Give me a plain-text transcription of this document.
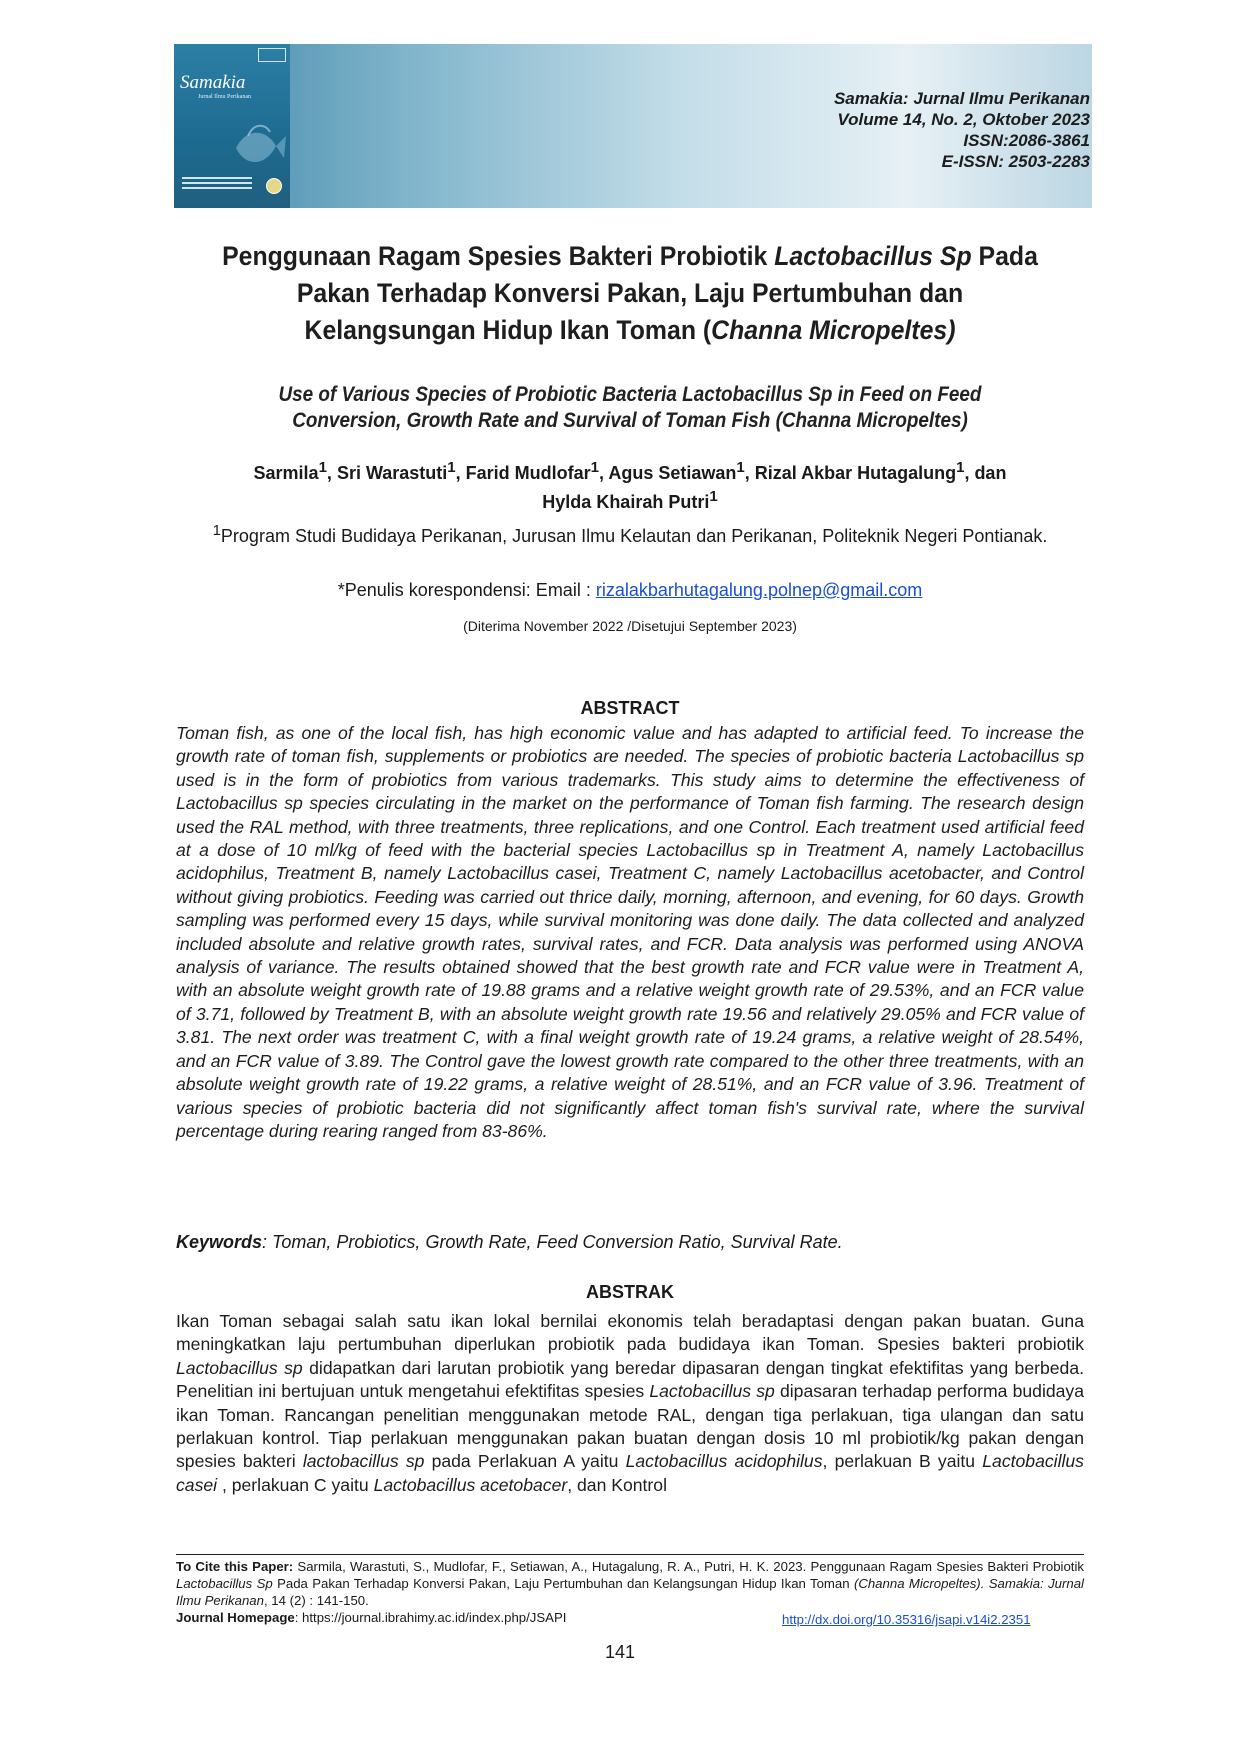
Samakia
Jurnal Ilmu Perikanan	Samakia: Jurnal Ilmu Perikanan
Volume 14, No. 2, Oktober 2023
ISSN:2086-3861
E-ISSN: 2503-2283
Penggunaan Ragam Spesies Bakteri Probiotik Lactobacillus Sp Pada Pakan Terhadap Konversi Pakan, Laju Pertumbuhan dan Kelangsungan Hidup Ikan Toman (Channa Micropeltes)
Use of Various Species of Probiotic Bacteria Lactobacillus Sp in Feed on Feed Conversion, Growth Rate and Survival of Toman Fish (Channa Micropeltes)
Sarmila$^1$, Sri Warastuti$^1$, Farid Mudlofar$^1$, Agus Setiawan$^1$, Rizal Akbar Hutagalung$^1$, dan
Hylda Khairah Putri$^1$
$^1$Program Studi Budidaya Perikanan, Jurusan Ilmu Kelautan dan Perikanan, Politeknik Negeri Pontianak.
*Penulis korespondensi: Email : rizalakbarhutagalung.polnep@gmail.com
(Diterima November 2022 /Disetujui September 2023)
ABSTRACT
Toman fish, as one of the local fish, has high economic value and has adapted to artificial feed. To increase the growth rate of toman fish, supplements or probiotics are needed. The species of probiotic bacteria Lactobacillus sp used is in the form of probiotics from various trademarks. This study aims to determine the effectiveness of Lactobacillus sp species circulating in the market on the performance of Toman fish farming. The research design used the RAL method, with three treatments, three replications, and one Control. Each treatment used artificial feed at a dose of 10 ml/kg of feed with the bacterial species Lactobacillus sp in Treatment A, namely Lactobacillus acidophilus, Treatment B, namely Lactobacillus casei, Treatment C, namely Lactobacillus acetobacter, and Control without giving probiotics. Feeding was carried out thrice daily, morning, afternoon, and evening, for 60 days. Growth sampling was performed every 15 days, while survival monitoring was done daily. The data collected and analyzed included absolute and relative growth rates, survival rates, and FCR. Data analysis was performed using ANOVA analysis of variance. The results obtained showed that the best growth rate and FCR value were in Treatment A, with an absolute weight growth rate of 19.88 grams and a relative weight growth rate of 29.53%, and an FCR value of 3.71, followed by Treatment B, with an absolute weight growth rate 19.56 and relatively 29.05% and FCR value of 3.81. The next order was treatment C, with a final weight growth rate of 19.24 grams, a relative weight of 28.54%, and an FCR value of 3.89. The Control gave the lowest growth rate compared to the other three treatments, with an absolute weight growth rate of 19.22 grams, a relative weight of 28.51%, and an FCR value of 3.96. Treatment of various species of probiotic bacteria did not significantly affect toman fish's survival rate, where the survival percentage during rearing ranged from 83-86%.
Keywords: Toman, Probiotics, Growth Rate, Feed Conversion Ratio, Survival Rate.
ABSTRAK
Ikan Toman sebagai salah satu ikan lokal bernilai ekonomis telah beradaptasi dengan pakan buatan. Guna meningkatkan laju pertumbuhan diperlukan probiotik pada budidaya ikan Toman. Spesies bakteri probiotik Lactobacillus sp didapatkan dari larutan probiotik yang beredar dipasaran dengan tingkat efektifitas yang berbeda. Penelitian ini bertujuan untuk mengetahui efektifitas spesies Lactobacillus sp dipasaran terhadap performa budidaya ikan Toman. Rancangan penelitian menggunakan metode RAL, dengan tiga perlakuan, tiga ulangan dan satu perlakuan kontrol. Tiap perlakuan menggunakan pakan buatan dengan dosis 10 ml probiotik/kg pakan dengan spesies bakteri lactobacillus sp pada Perlakuan A yaitu Lactobacillus acidophilus, perlakuan B yaitu Lactobacillus casei , perlakuan C yaitu Lactobacillus acetobacer, dan Kontrol
To Cite this Paper: Sarmila, Warastuti, S., Mudlofar, F., Setiawan, A., Hutagalung, R. A., Putri, H. K. 2023. Penggunaan Ragam Spesies Bakteri Probiotik Lactobacillus Sp Pada Pakan Terhadap Konversi Pakan, Laju Pertumbuhan dan Kelangsungan Hidup Ikan Toman (Channa Micropeltes). Samakia: Jurnal Ilmu Perikanan, 14 (2) : 141-150.
Journal Homepage: https://journal.ibrahimy.ac.id/index.php/JSAPI	http://dx.doi.org/10.35316/jsapi.v14i2.2351
141
